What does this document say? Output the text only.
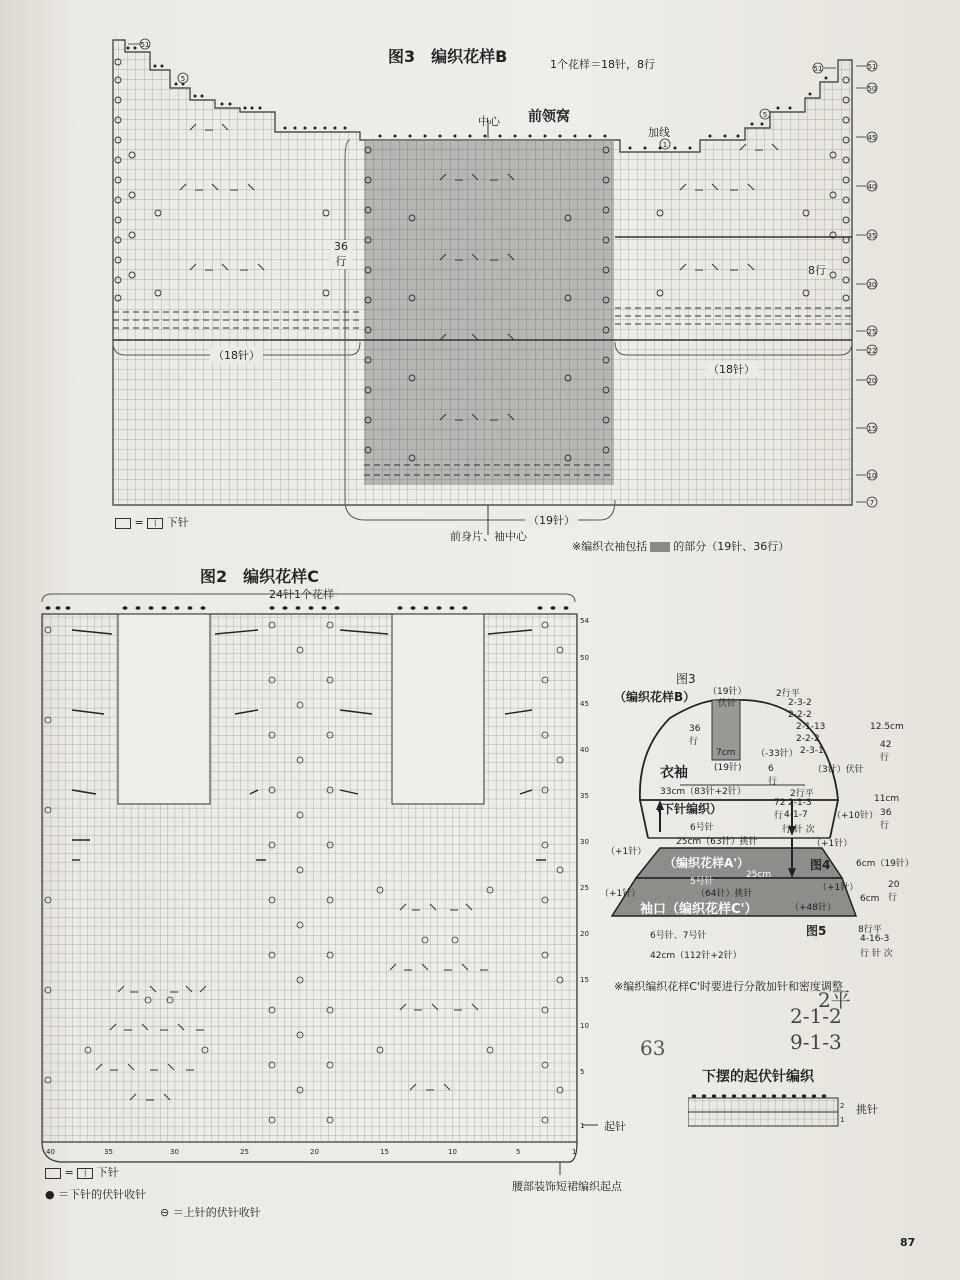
图3　编织花样B	1个花样＝18针，8行
前领窝
中心
加线
51
50
45
40
35
30
25
22
20
15
10
7
51
5
51
5
1
36行
8行
（18针）
（18针）
（19针）
前身片、袖中心
※编织衣袖包括 的部分（19针、36行）
= | 下针
图2　编织花样C
24针1个花样
54
50
45
40
35
30
25
20
15
10
5
1
40	35	30	25	20	15	10	5	1
起针
腰部装饰短裙编织起点
= | 下针
● ＝下针的伏针收针
⊖ ＝上针的伏针收针
图3
（编织花样B） （19针）
伏针
36行
7cm
(19针)
（-33针）
6行
（3针）伏针
衣袖
33cm（83针+2针）
（下针编织）
6号针
72行
2行平
2-3-2
2-2-2
2-1-13
2-2-2
2-3-1
2行平
2-1-3
4-1-7
行 针 次
（+10针）
25cm（63针）挑针
（+1针）
（+1针）
（编织花样A'）	图4
5号针
25cm
（64针）挑针
（+1针）
（+1针）
袖口（编织花样C'）	（+48针）
6号针、7号针	图5
42cm（112针+2针）
12.5cm
42行
11cm
36行
6cm（19针）
20行
6cm
8行平
4-16-3
行 针 次
※编织编织花样C'时要进行分散加针和密度调整
2平
2-1-2
9-1-3
63
下摆的起伏针编织
2
1
挑针
87
